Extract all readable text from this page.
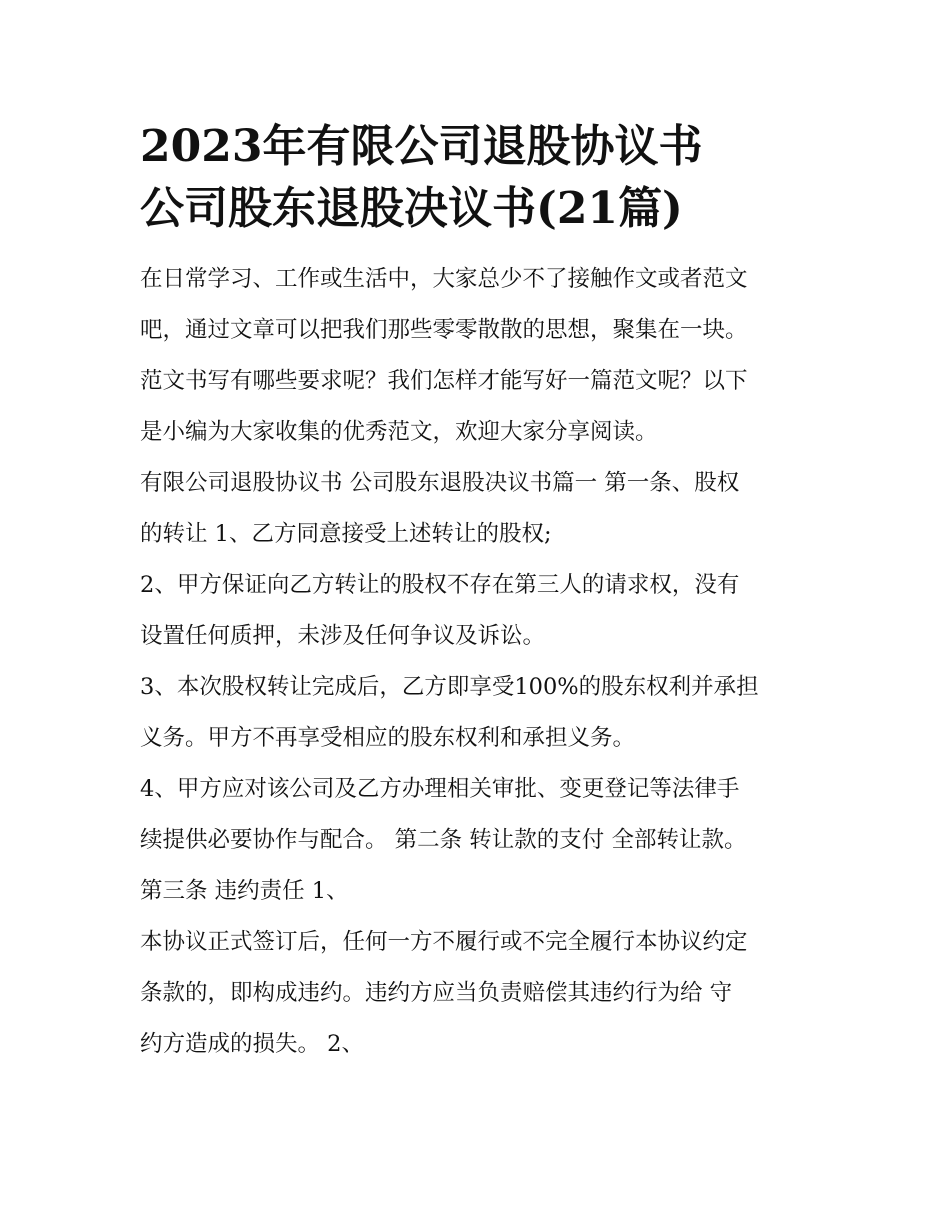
2023年有限公司退股协议书
公司股东退股决议书(21篇)

在日常学习、工作或生活中，大家总少不了接触作文或者范文
吧，通过文章可以把我们那些零零散散的思想，聚集在一块。
范文书写有哪些要求呢？我们怎样才能写好一篇范文呢？以下
是小编为大家收集的优秀范文，欢迎大家分享阅读。

有限公司退股协议书 公司股东退股决议书篇一 第一条、股权
的转让 1、乙方同意接受上述转让的股权;

2、甲方保证向乙方转让的股权不存在第三人的请求权，没有
设置任何质押，未涉及任何争议及诉讼。

3、本次股权转让完成后，乙方即享受100%的股东权利并承担
义务。甲方不再享受相应的股东权利和承担义务。

4、甲方应对该公司及乙方办理相关审批、变更登记等法律手
续提供必要协作与配合。 第二条 转让款的支付 全部转让款。
第三条 违约责任 1、

本协议正式签订后，任何一方不履行或不完全履行本协议约定
条款的，即构成违约。违约方应当负责赔偿其违约行为给 守
约方造成的损失。 2、
